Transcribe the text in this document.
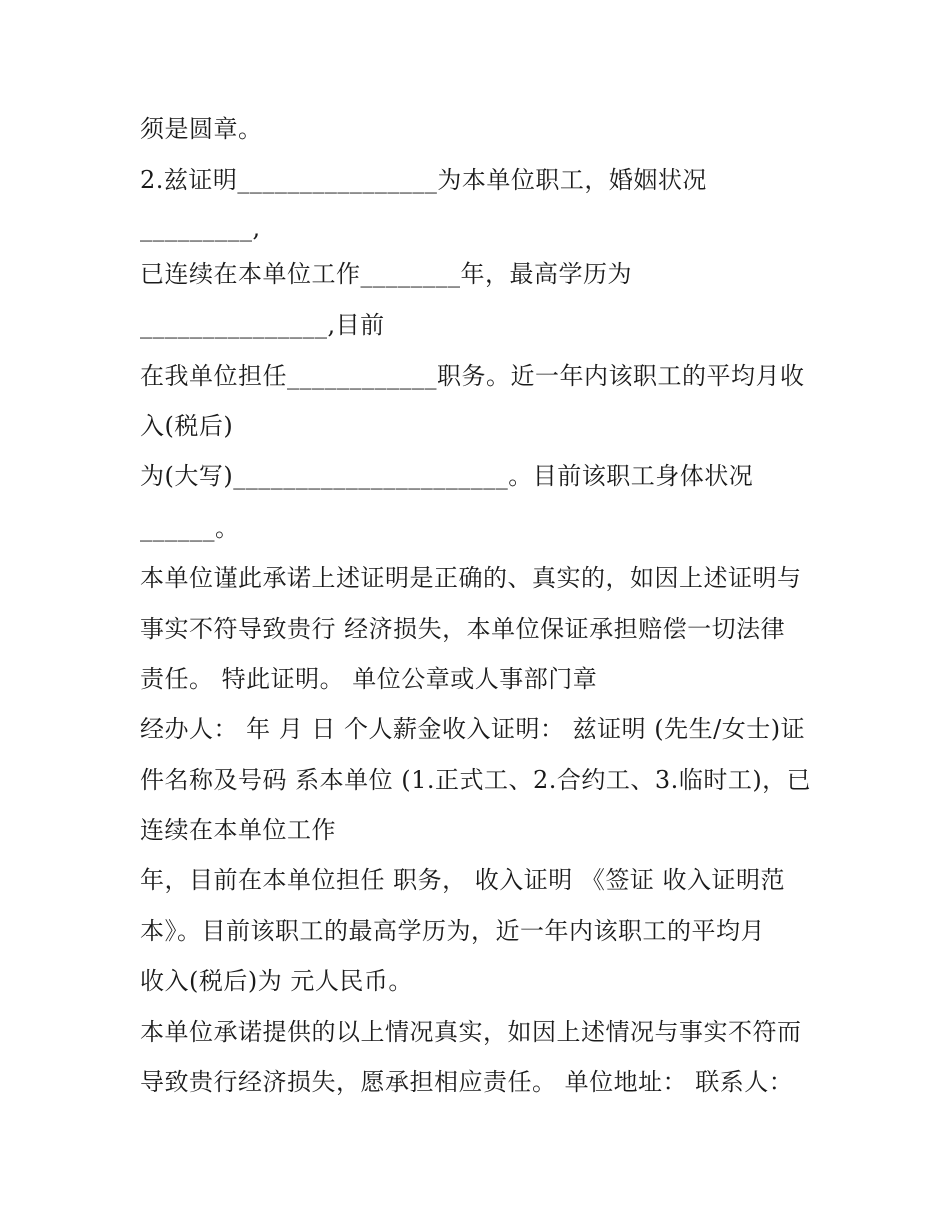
须是圆章。
2.兹证明________________为本单位职工，婚姻状况
_________,
已连续在本单位工作________年，最高学历为
_______________,目前
在我单位担任____________职务。近一年内该职工的平均月收
入(税后)
为(大写)______________________。目前该职工身体状况
______。
本单位谨此承诺上述证明是正确的、真实的，如因上述证明与
事实不符导致贵行 经济损失，本单位保证承担赔偿一切法律
责任。 特此证明。 单位公章或人事部门章
经办人： 年 月 日 个人薪金收入证明： 兹证明 (先生/女士)证
件名称及号码 系本单位 (1.正式工、2.合约工、3.临时工)，已
连续在本单位工作
年，目前在本单位担任 职务， 收入证明 《签证 收入证明范
本》。目前该职工的最高学历为，近一年内该职工的平均月
收入(税后)为 元人民币。
本单位承诺提供的以上情况真实，如因上述情况与事实不符而
导致贵行经济损失，愿承担相应责任。 单位地址： 联系人：
